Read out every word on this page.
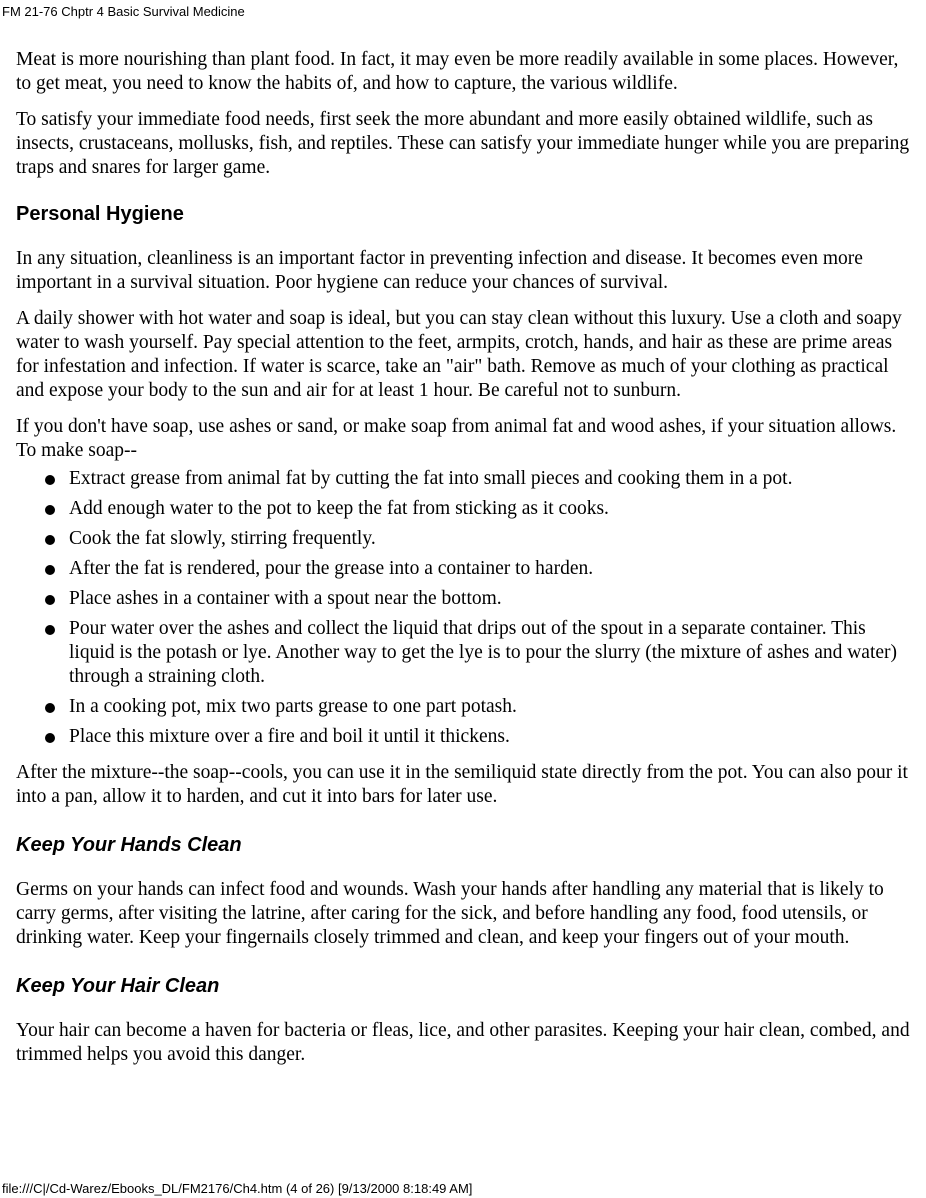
FM 21-76 Chptr 4 Basic Survival Medicine

Meat is more nourishing than plant food. In fact, it may even be more readily available in some places. However, to get meat, you need to know the habits of, and how to capture, the various wildlife.

To satisfy your immediate food needs, first seek the more abundant and more easily obtained wildlife, such as insects, crustaceans, mollusks, fish, and reptiles. These can satisfy your immediate hunger while you are preparing traps and snares for larger game.

Personal Hygiene

In any situation, cleanliness is an important factor in preventing infection and disease. It becomes even more important in a survival situation. Poor hygiene can reduce your chances of survival.

A daily shower with hot water and soap is ideal, but you can stay clean without this luxury. Use a cloth and soapy water to wash yourself. Pay special attention to the feet, armpits, crotch, hands, and hair as these are prime areas for infestation and infection. If water is scarce, take an "air" bath. Remove as much of your clothing as practical and expose your body to the sun and air for at least 1 hour. Be careful not to sunburn.

If you don't have soap, use ashes or sand, or make soap from animal fat and wood ashes, if your situation allows. To make soap--

Extract grease from animal fat by cutting the fat into small pieces and cooking them in a pot.
Add enough water to the pot to keep the fat from sticking as it cooks.
Cook the fat slowly, stirring frequently.
After the fat is rendered, pour the grease into a container to harden.
Place ashes in a container with a spout near the bottom.
Pour water over the ashes and collect the liquid that drips out of the spout in a separate container. This liquid is the potash or lye. Another way to get the lye is to pour the slurry (the mixture of ashes and water) through a straining cloth.
In a cooking pot, mix two parts grease to one part potash.
Place this mixture over a fire and boil it until it thickens.

After the mixture--the soap--cools, you can use it in the semiliquid state directly from the pot. You can also pour it into a pan, allow it to harden, and cut it into bars for later use.

Keep Your Hands Clean

Germs on your hands can infect food and wounds. Wash your hands after handling any material that is likely to carry germs, after visiting the latrine, after caring for the sick, and before handling any food, food utensils, or drinking water. Keep your fingernails closely trimmed and clean, and keep your fingers out of your mouth.

Keep Your Hair Clean

Your hair can become a haven for bacteria or fleas, lice, and other parasites. Keeping your hair clean, combed, and trimmed helps you avoid this danger.

file:///C|/Cd-Warez/Ebooks_DL/FM2176/Ch4.htm (4 of 26) [9/13/2000 8:18:49 AM]
